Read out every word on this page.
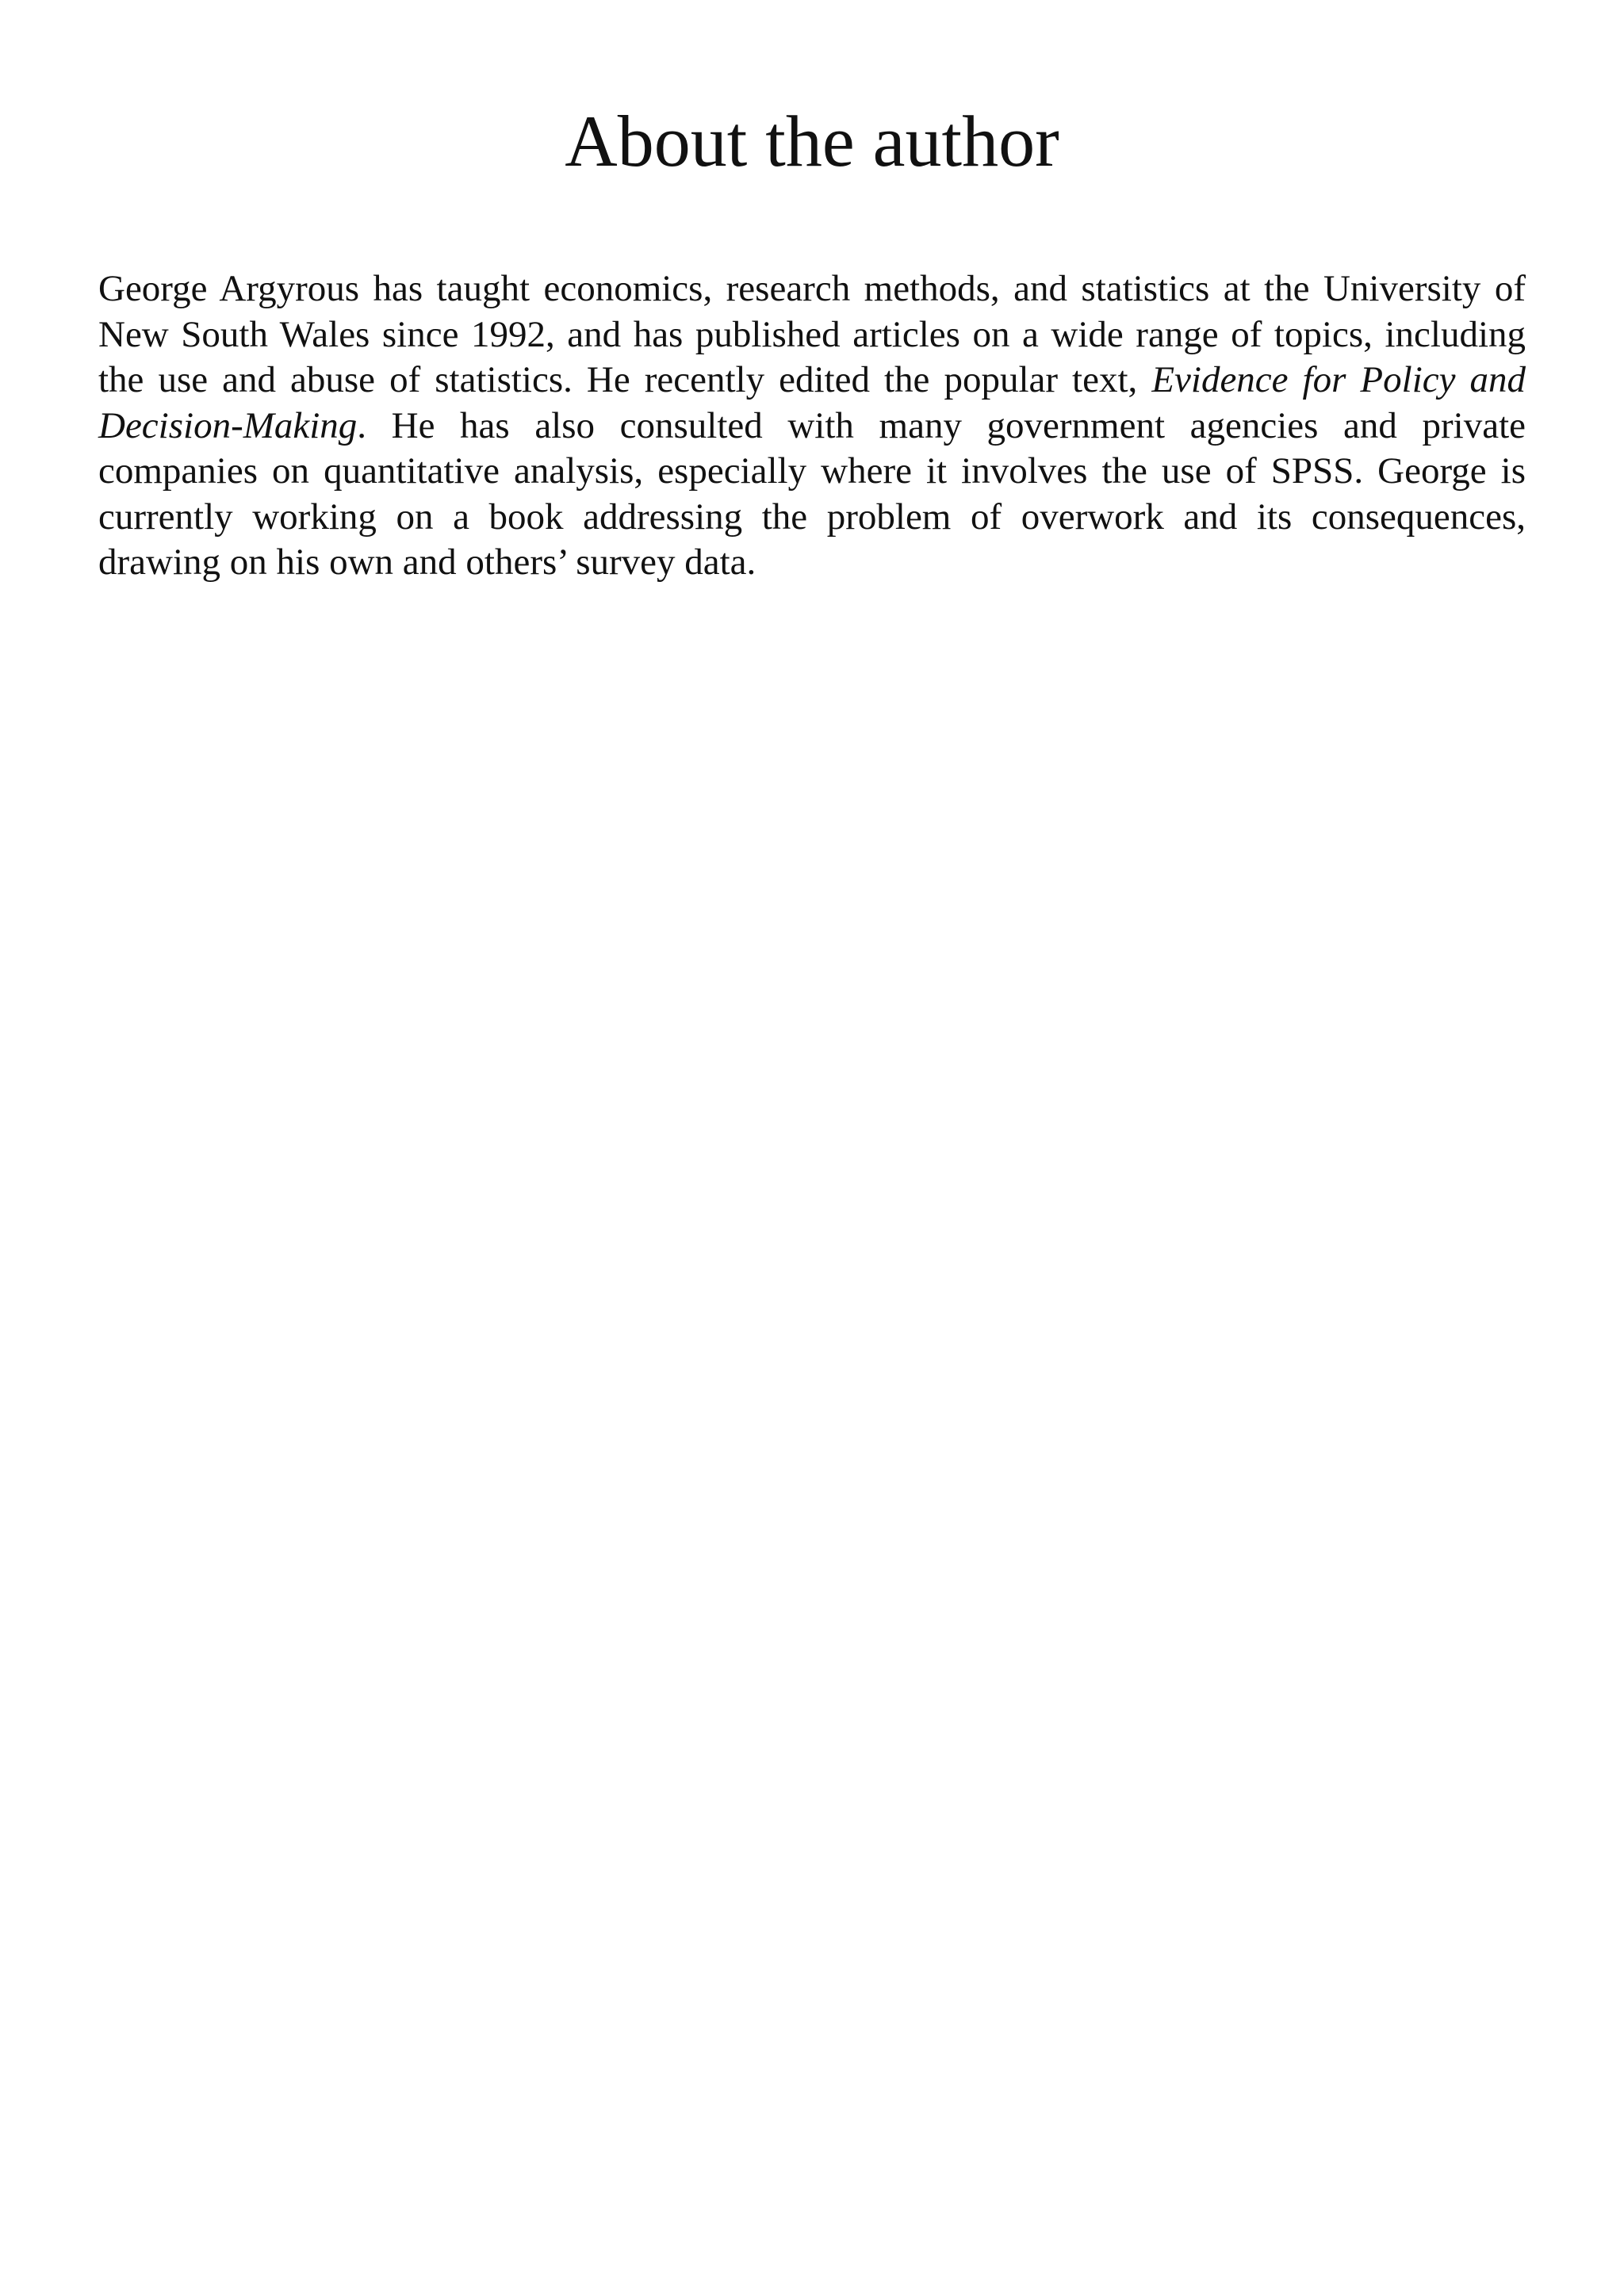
About the author

George Argyrous has taught economics, research methods, and statistics at the University of New South Wales since 1992, and has published articles on a wide range of topics, including the use and abuse of statistics. He recently edited the popular text, Evidence for Policy and Decision-Making. He has also consulted with many government agencies and private companies on quantitative analysis, especially where it involves the use of SPSS. George is currently working on a book addressing the problem of overwork and its consequences, drawing on his own and others’ survey data.
